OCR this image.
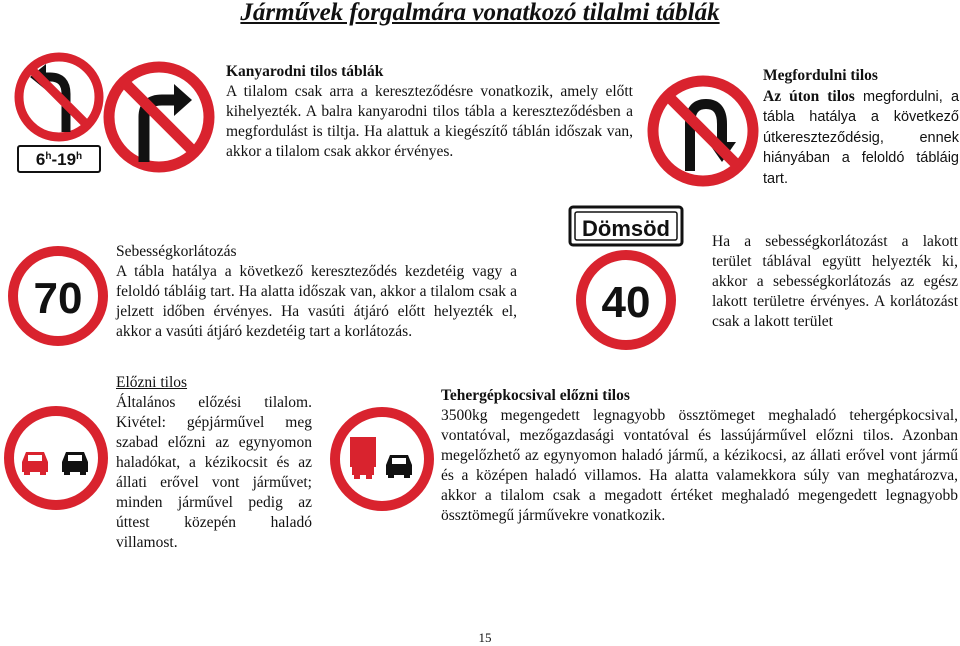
Járművek forgalmára vonatkozó tilalmi táblák
6$^h$-19$^h$
Kanyarodni tilos táblák
A tilalom csak arra a kereszteződésre vonatkozik, amely előtt kihelyezték. A balra kanyarodni tilos tábla a kereszteződésben a megfordulást is tiltja. Ha alattuk a kiegészítő táblán időszak van, akkor a tilalom csak akkor érvényes.
Megfordulni tilos
Az úton tilos megfordulni, a tábla hatálya a következő útkereszteződésig, ennek hiányában a feloldó tábláig tart.
70
Sebességkorlátozás
A tábla hatálya a következő kereszteződés kezdetéig vagy a feloldó tábláig tart. Ha alatta időszak van, akkor a tilalom csak a jelzett időben érvényes. Ha vasúti átjáró előtt helyezték el, akkor a vasúti átjáró kezdetéig tart a korlátozás.
Dömsöd
40
Ha a sebességkorlátozást a lakott terület táblával együtt helyezték ki, akkor a sebességkorlátozás az egész lakott területre érvényes. A korlátozást csak a lakott terület
Előzni tilos
Általános előzési tilalom. Kivétel: gépjárművel meg szabad előzni az egynyomon haladókat, a kézikocsit és az állati erővel vont járművet; minden járművel pedig az úttest közepén haladó villamost.
Tehergépkocsival előzni tilos
3500kg megengedett legnagyobb össztömeget meghaladó tehergépkocsival, vontatóval, mezőgazdasági vontatóval és lassújárművel előzni tilos. Azonban megelőzhető az egynyomon haladó jármű, a kézikocsi, az állati erővel vont jármű és a középen haladó villamos. Ha alatta valamekkora súly van meghatározva, akkor a tilalom csak a megadott értéket meghaladó megengedett legnagyobb össztömegű járművekre vonatkozik.
15
